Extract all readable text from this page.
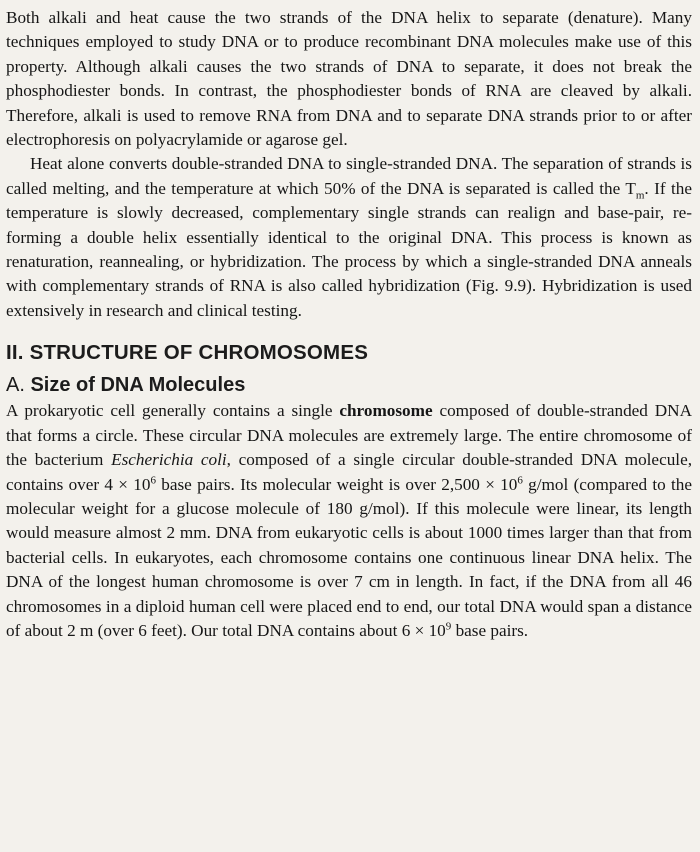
Both alkali and heat cause the two strands of the DNA helix to separate (denature). Many techniques employed to study DNA or to produce recombinant DNA molecules make use of this property. Although alkali causes the two strands of DNA to separate, it does not break the phosphodiester bonds. In contrast, the phosphodiester bonds of RNA are cleaved by alkali. Therefore, alkali is used to remove RNA from DNA and to separate DNA strands prior to or after electrophoresis on polyacrylamide or agarose gel.

Heat alone converts double-stranded DNA to single-stranded DNA. The separation of strands is called melting, and the temperature at which 50% of the DNA is separated is called the $T_m$. If the temperature is slowly decreased, complementary single strands can realign and base-pair, re-forming a double helix essentially identical to the original DNA. This process is known as renaturation, reannealing, or hybridization. The process by which a single-stranded DNA anneals with complementary strands of RNA is also called hybridization (Fig. 9.9). Hybridization is used extensively in research and clinical testing.

II. STRUCTURE OF CHROMOSOMES
A. Size of DNA Molecules

A prokaryotic cell generally contains a single chromosome composed of double-stranded DNA that forms a circle. These circular DNA molecules are extremely large. The entire chromosome of the bacterium Escherichia coli, composed of a single circular double-stranded DNA molecule, contains over $4 \times 10^6$ base pairs. Its molecular weight is over $2,500 \times 10^6$ g/mol (compared to the molecular weight for a glucose molecule of 180 g/mol). If this molecule were linear, its length would measure almost 2 mm. DNA from eukaryotic cells is about 1000 times larger than that from bacterial cells. In eukaryotes, each chromosome contains one continuous linear DNA helix. The DNA of the longest human chromosome is over 7 cm in length. In fact, if the DNA from all 46 chromosomes in a diploid human cell were placed end to end, our total DNA would span a distance of about 2 m (over 6 feet). Our total DNA contains about $6 \times 10^9$ base pairs.
